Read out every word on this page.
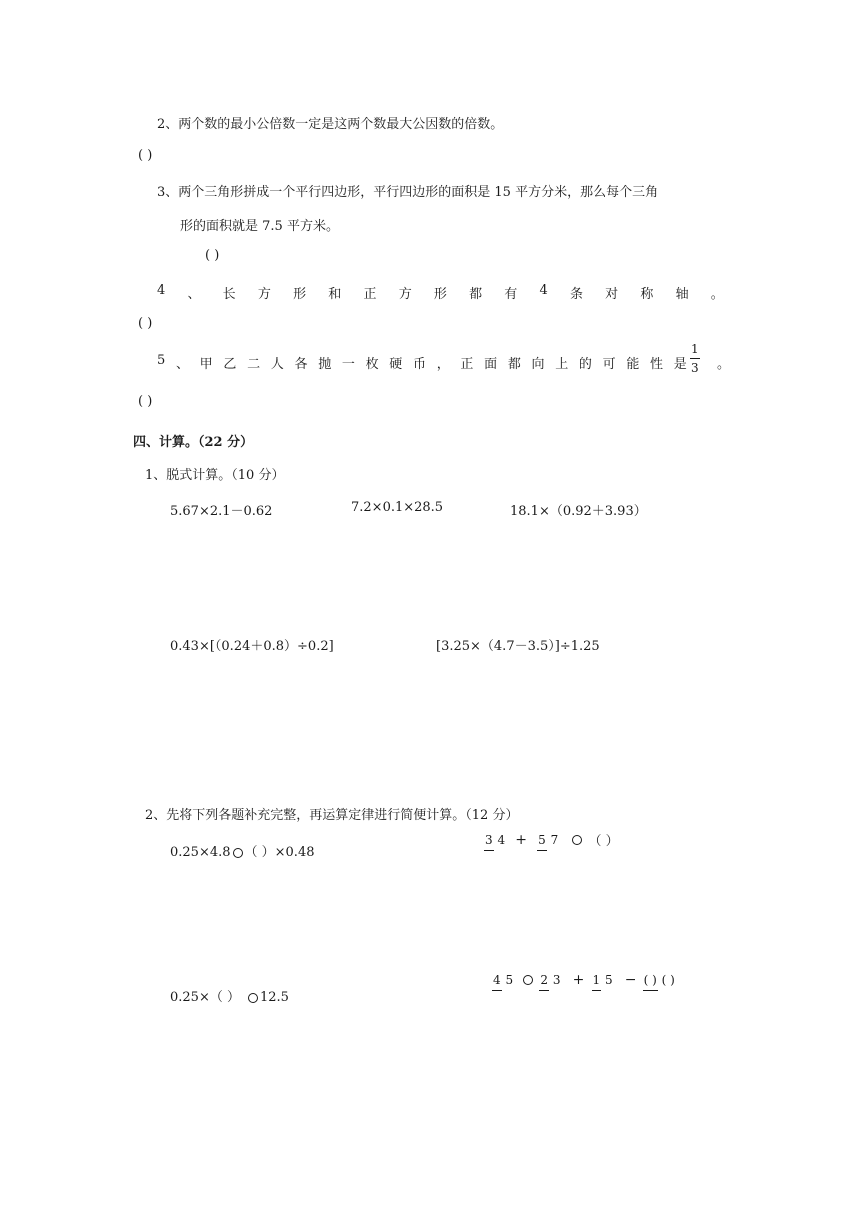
2、两个数的最小公倍数一定是这两个数最大公因数的倍数。
( )
3、两个三角形拼成一个平行四边形，平行四边形的面积是 15 平方分米，那么每个三角
形的面积就是 7.5 平方米。
( )
4 、 长 方 形 和 正 方 形 都 有 4 条 对 称 轴 。
( )
5 、 甲 乙 二 人 各 抛 一 枚 硬 币 ， 正 面 都 向 上 的 可 能 性 是 $\frac{1}{3}$ 。
( )
四、计算。（22 分）
1、脱式计算。（10 分）
5.67×2.1－0.62	7.2×0.1×28.5	18.1×（0.92＋3.93）
0.43×[（0.24＋0.8）÷0.2]	[3.25×（4.7－3.5）]÷1.25
2、先将下列各题补充完整，再运算定律进行简便计算。（12 分）
0.25×4.8 （ ）×0.48
3 4 + 5 7 （ ）
0.25×（ ） 12.5
4 5 2 3 + 1 5 − ( ) ( )
